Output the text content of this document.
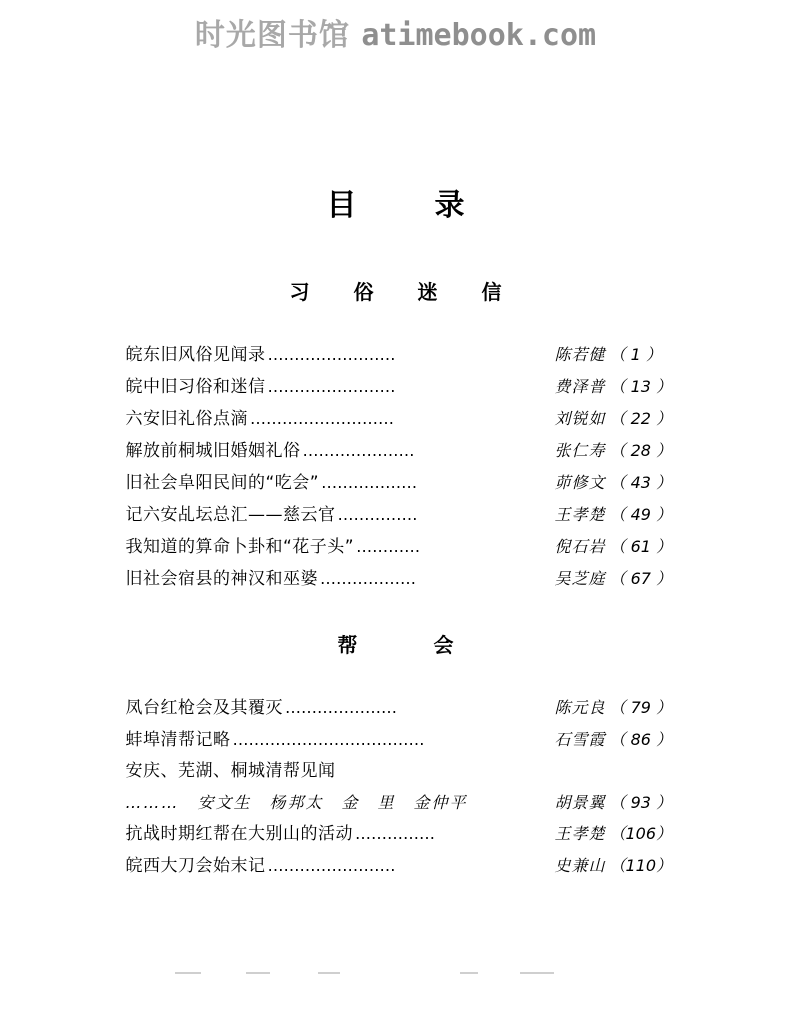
时光图书馆 atimebook.com
目　录
习　俗　迷　信
皖东旧风俗见闻录 ……………………	陈若健 （ 1 ）
皖中旧习俗和迷信 ……………………	费泽普 （ 13 ）
六安旧礼俗点滴 ………………………	刘锐如 （ 22 ）
解放前桐城旧婚姻礼俗 …………………	张仁寿 （ 28 ）
旧社会阜阳民间的“吃会” ………………	茆修文 （ 43 ）
记六安乩坛总汇——慈云官 ……………	王孝楚 （ 49 ）
我知道的算命卜卦和“花子头” …………	倪石岩 （ 61 ）
旧社会宿县的神汉和巫婆 ………………	吴芝庭 （ 67 ）
帮　　会
凤台红枪会及其覆灭 …………………	陈元良 （ 79 ）
蚌埠清帮记略 ………………………………	石雪霞 （ 86 ）
安庆、芜湖、桐城清帮见闻
………　安文生　杨邦太　金　里　金仲平	胡景翼 （ 93 ）
抗战时期红帮在大别山的活动 ……………	王孝楚 （106）
皖西大刀会始末记 ……………………	史兼山 （110）
